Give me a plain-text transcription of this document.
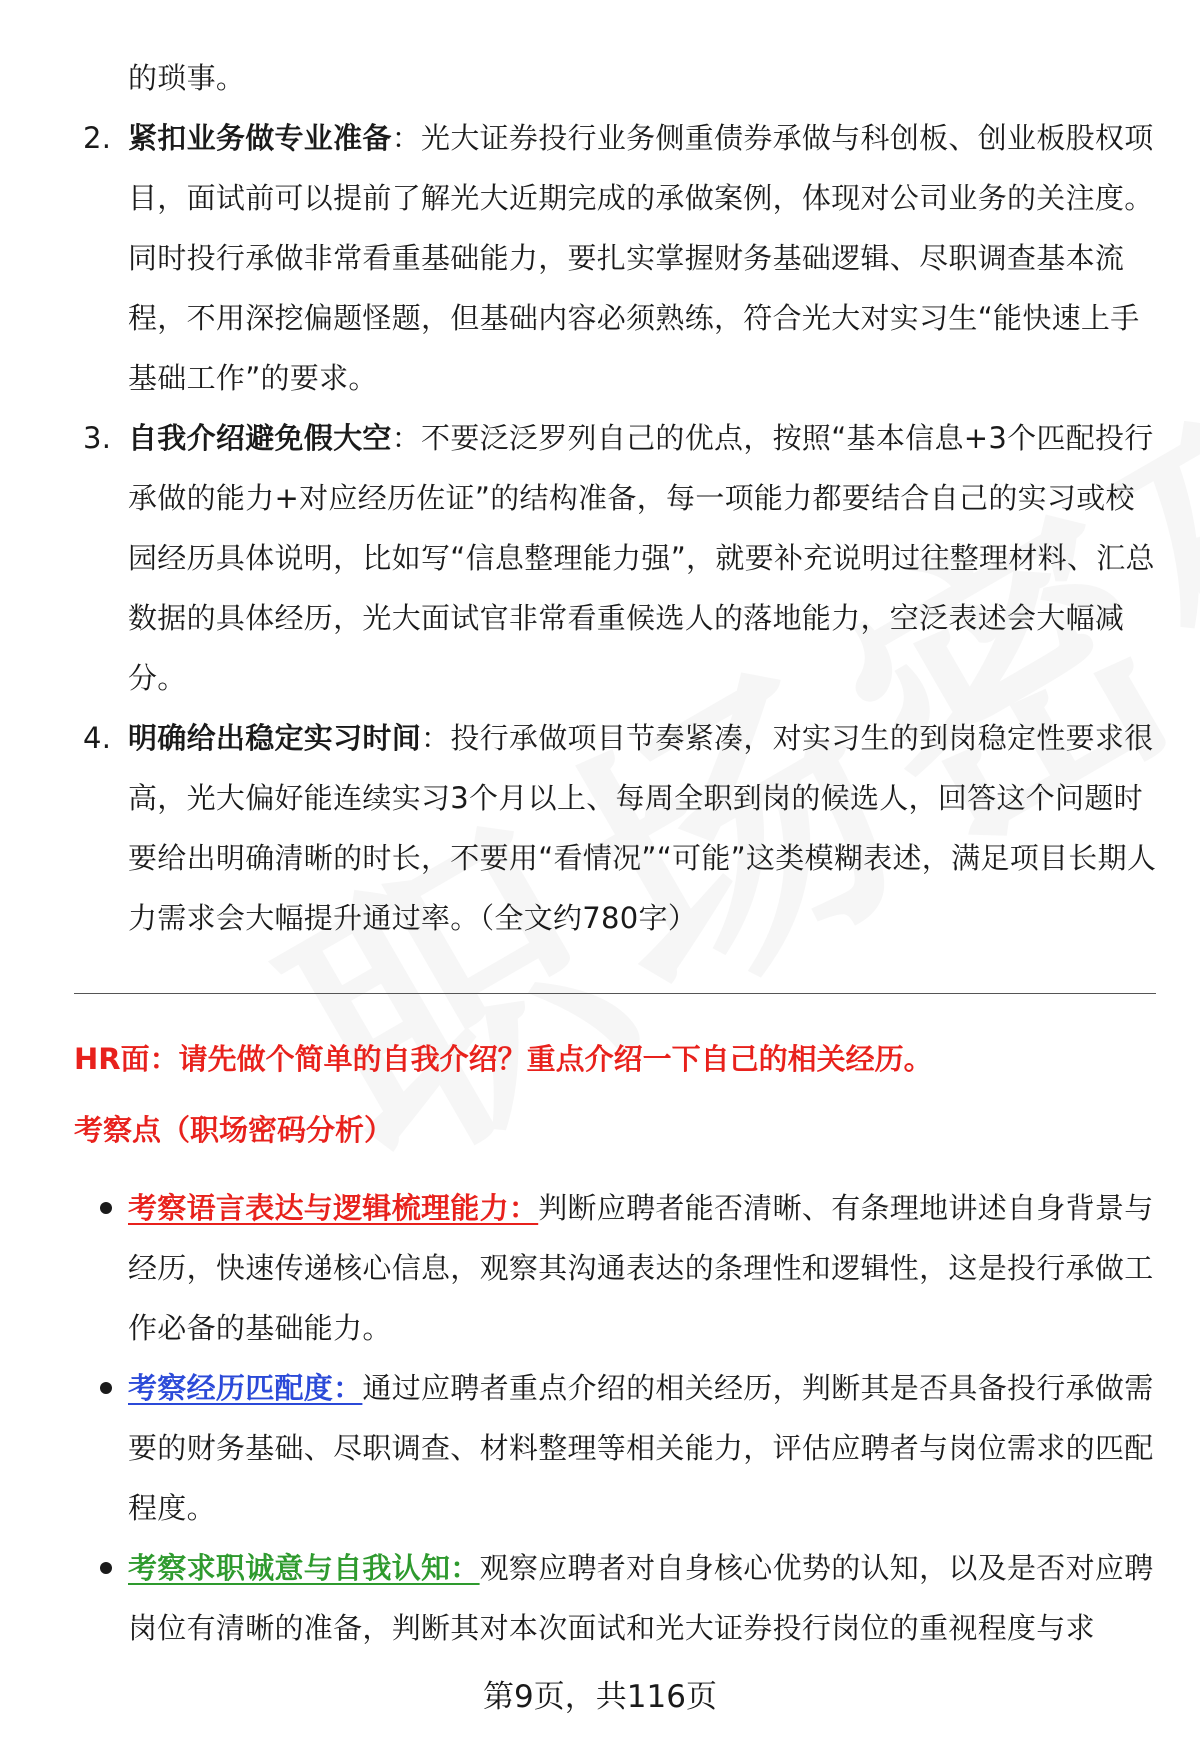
的琐事。
2. 紧扣业务做专业准备：光大证券投行业务侧重债券承做与科创板、创业板股权项目，面试前可以提前了解光大近期完成的承做案例，体现对公司业务的关注度。同时投行承做非常看重基础能力，要扎实掌握财务基础逻辑、尽职调查基本流程，不用深挖偏题怪题，但基础内容必须熟练，符合光大对实习生“能快速上手基础工作”的要求。
3. 自我介绍避免假大空：不要泛泛罗列自己的优点，按照“基本信息+3个匹配投行承做的能力+对应经历佐证”的结构准备，每一项能力都要结合自己的实习或校园经历具体说明，比如写“信息整理能力强”，就要补充说明过往整理材料、汇总数据的具体经历，光大面试官非常看重候选人的落地能力，空泛表述会大幅减分。
4. 明确给出稳定实习时间：投行承做项目节奏紧凑，对实习生的到岗稳定性要求很高，光大偏好能连续实习3个月以上、每周全职到岗的候选人，回答这个问题时要给出明确清晰的时长，不要用“看情况”“可能”这类模糊表述，满足项目长期人力需求会大幅提升通过率。（全文约780字）
HR面：请先做个简单的自我介绍？重点介绍一下自己的相关经历。
考察点（职场密码分析）
考察语言表达与逻辑梳理能力：判断应聘者能否清晰、有条理地讲述自身背景与经历，快速传递核心信息，观察其沟通表达的条理性和逻辑性，这是投行承做工作必备的基础能力。
考察经历匹配度：通过应聘者重点介绍的相关经历，判断其是否具备投行承做需要的财务基础、尽职调查、材料整理等相关能力，评估应聘者与岗位需求的匹配程度。
考察求职诚意与自我认知：观察应聘者对自身核心优势的认知，以及是否对应聘岗位有清晰的准备，判断其对本次面试和光大证券投行岗位的重视程度与求
第9页，共116页
